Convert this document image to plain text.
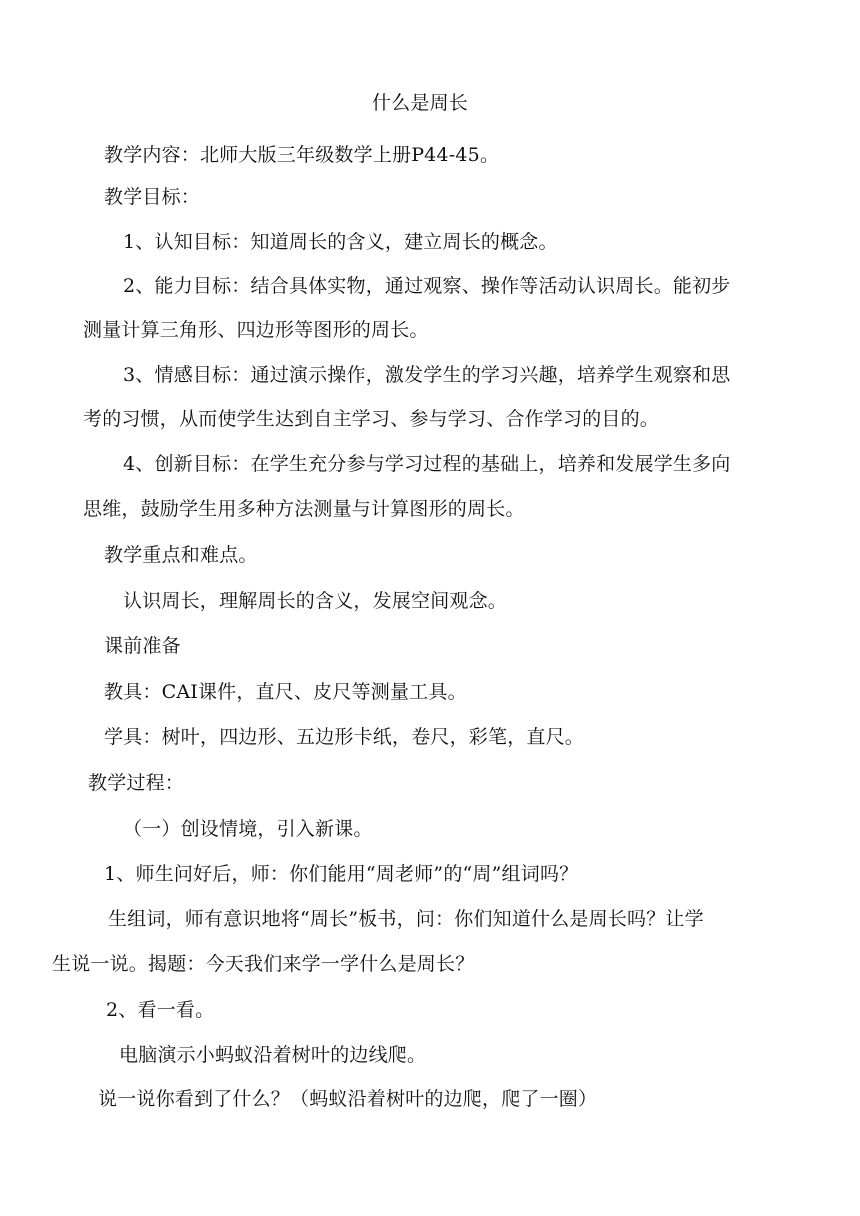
什么是周长
教学内容：北师大版三年级数学上册P44-45。
教学目标：
1、认知目标：知道周长的含义，建立周长的概念。
2、能力目标：结合具体实物，通过观察、操作等活动认识周长。能初步
测量计算三角形、四边形等图形的周长。
3、情感目标：通过演示操作，激发学生的学习兴趣，培养学生观察和思
考的习惯，从而使学生达到自主学习、参与学习、合作学习的目的。
4、创新目标：在学生充分参与学习过程的基础上，培养和发展学生多向
思维，鼓励学生用多种方法测量与计算图形的周长。
教学重点和难点。
认识周长，理解周长的含义，发展空间观念。
课前准备
教具：CAI课件，直尺、皮尺等测量工具。
学具：树叶，四边形、五边形卡纸，卷尺，彩笔，直尺。
教学过程：
（一）创设情境，引入新课。
1、师生问好后，师：你们能用“周老师”的“周”组词吗？
生组词，师有意识地将“周长”板书，问：你们知道什么是周长吗？让学
生说一说。揭题：今天我们来学一学什么是周长？
2、看一看。
电脑演示小蚂蚁沿着树叶的边线爬。
说一说你看到了什么？（蚂蚁沿着树叶的边爬，爬了一圈）
